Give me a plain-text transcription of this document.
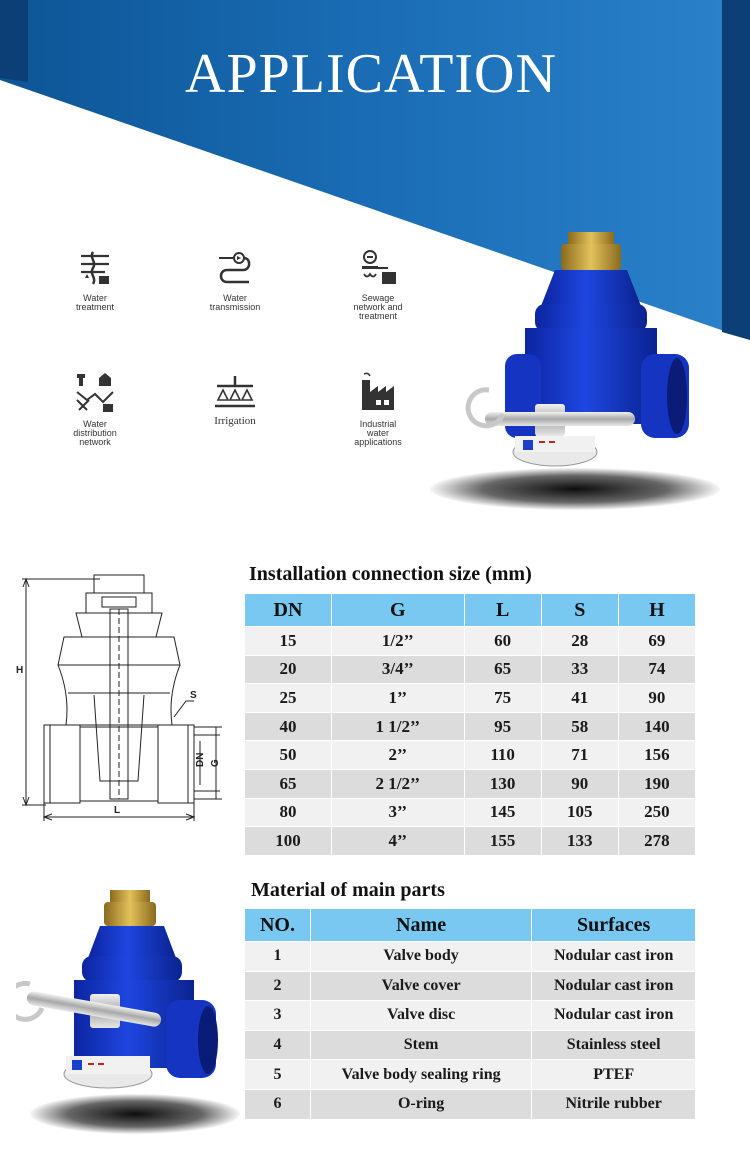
APPLICATION
Water
treatment
Water
transmission
Sewage
network and
treatment
Water
distribution
network
Irrigation	Industrial
water
applications
H
S
DN G
L
Installation connection size (mm)
DN	G	L	S	H
15	1/2’’	60	28	69
20	3/4’’	65	33	74
25	1’’	75	41	90
40	1 1/2’’	95	58	140
50	2’’	110	71	156
65	2 1/2’’	130	90	190
80	3’’	145	105	250
100	4’’	155	133	278
Material of main parts
NO.	Name	Surfaces
1	Valve body	Nodular cast iron
2	Valve cover	Nodular cast iron
3	Valve disc	Nodular cast iron
4	Stem	Stainless steel
5	Valve body sealing ring	PTEF
6	O-ring	Nitrile rubber
